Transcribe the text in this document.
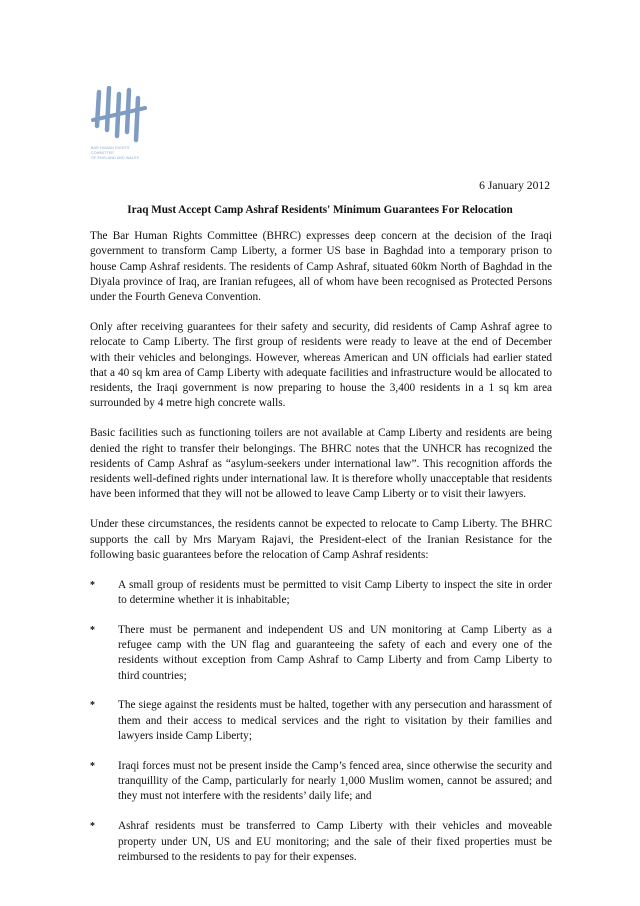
BAR HUMAN RIGHTS
COMMITTEE
OF ENGLAND AND WALES
6 January 2012
Iraq Must Accept Camp Ashraf Residents' Minimum Guarantees For Relocation

The Bar Human Rights Committee (BHRC) expresses deep concern at the decision of the Iraqi government to transform Camp Liberty, a former US base in Baghdad into a temporary prison to house Camp Ashraf residents. The residents of Camp Ashraf, situated 60km North of Baghdad in the Diyala province of Iraq, are Iranian refugees, all of whom have been recognised as Protected Persons under the Fourth Geneva Convention.

Only after receiving guarantees for their safety and security, did residents of Camp Ashraf agree to relocate to Camp Liberty. The first group of residents were ready to leave at the end of December with their vehicles and belongings. However, whereas American and UN officials had earlier stated that a 40 sq km area of Camp Liberty with adequate facilities and infrastructure would be allocated to residents, the Iraqi government is now preparing to house the 3,400 residents in a 1 sq km area surrounded by 4 metre high concrete walls.

Basic facilities such as functioning toilers are not available at Camp Liberty and residents are being denied the right to transfer their belongings. The BHRC notes that the UNHCR has recognized the residents of Camp Ashraf as “asylum-seekers under international law”. This recognition affords the residents well-defined rights under international law. It is therefore wholly unacceptable that residents have been informed that they will not be allowed to leave Camp Liberty or to visit their lawyers.

Under these circumstances, the residents cannot be expected to relocate to Camp Liberty. The BHRC supports the call by Mrs Maryam Rajavi, the President-elect of the Iranian Resistance for the following basic guarantees before the relocation of Camp Ashraf residents:

* A small group of residents must be permitted to visit Camp Liberty to inspect the site in order to determine whether it is inhabitable;
* There must be permanent and independent US and UN monitoring at Camp Liberty as a refugee camp with the UN flag and guaranteeing the safety of each and every one of the residents without exception from Camp Ashraf to Camp Liberty and from Camp Liberty to third countries;
* The siege against the residents must be halted, together with any persecution and harassment of them and their access to medical services and the right to visitation by their families and lawyers inside Camp Liberty;
* Iraqi forces must not be present inside the Camp’s fenced area, since otherwise the security and tranquillity of the Camp, particularly for nearly 1,000 Muslim women, cannot be assured; and they must not interfere with the residents’ daily life; and
* Ashraf residents must be transferred to Camp Liberty with their vehicles and moveable property under UN, US and EU monitoring; and the sale of their fixed properties must be reimbursed to the residents to pay for their expenses.
